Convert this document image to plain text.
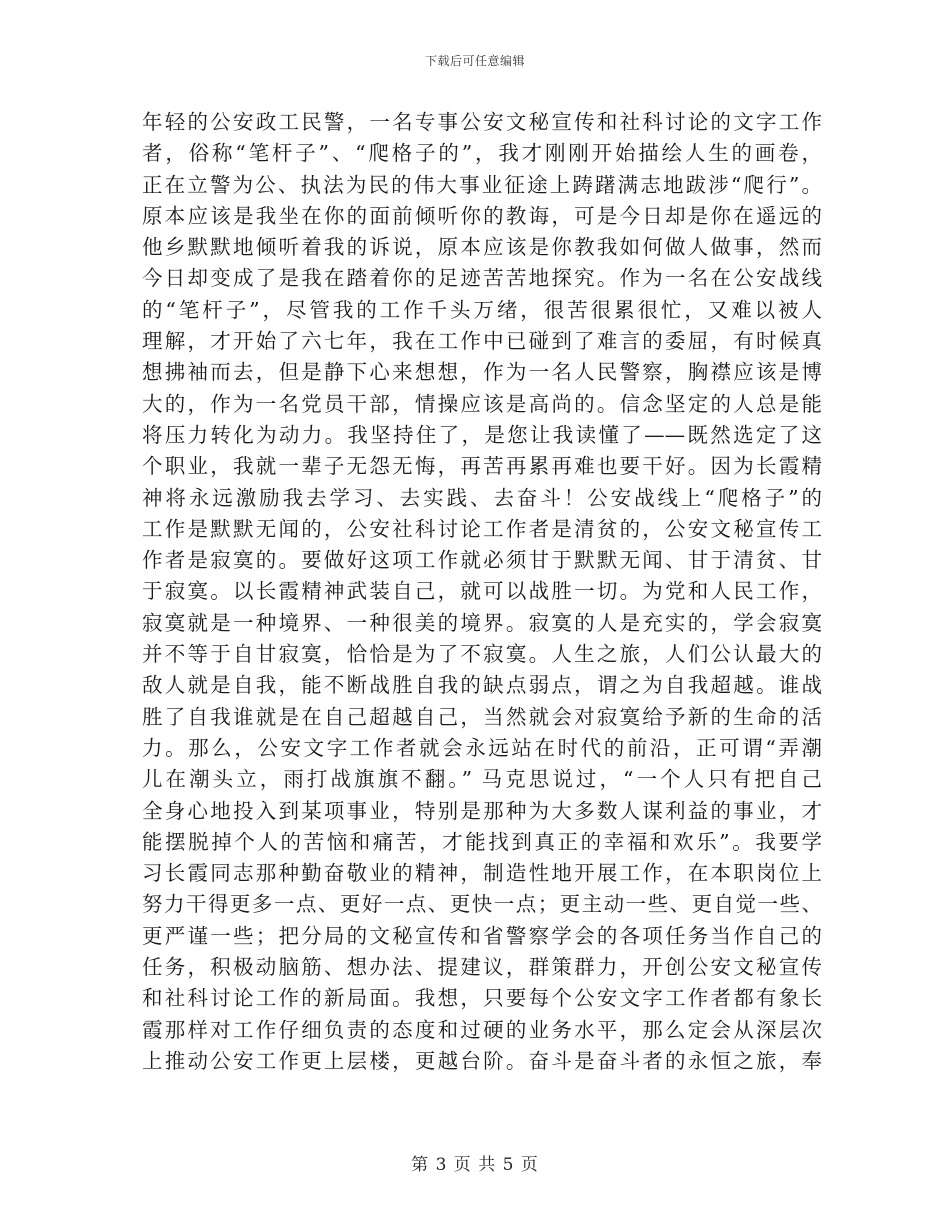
下载后可任意编辑
年轻的公安政工民警，一名专事公安文秘宣传和社科讨论的文字工作
者，俗称“笔杆子”、“爬格子的”，我才刚刚开始描绘人生的画卷，
正在立警为公、执法为民的伟大事业征途上踌躇满志地跋涉“爬行”。
原本应该是我坐在你的面前倾听你的教诲，可是今日却是你在遥远的
他乡默默地倾听着我的诉说，原本应该是你教我如何做人做事，然而
今日却变成了是我在踏着你的足迹苦苦地探究。作为一名在公安战线
的“笔杆子”，尽管我的工作千头万绪，很苦很累很忙，又难以被人
理解，才开始了六七年，我在工作中已碰到了难言的委屈，有时候真
想拂袖而去，但是静下心来想想，作为一名人民警察，胸襟应该是博
大的，作为一名党员干部，情操应该是高尚的。信念坚定的人总是能
将压力转化为动力。我坚持住了，是您让我读懂了——既然选定了这
个职业，我就一辈子无怨无悔，再苦再累再难也要干好。因为长霞精
神将永远激励我去学习、去实践、去奋斗！公安战线上“爬格子”的
工作是默默无闻的，公安社科讨论工作者是清贫的，公安文秘宣传工
作者是寂寞的。要做好这项工作就必须甘于默默无闻、甘于清贫、甘
于寂寞。以长霞精神武装自己，就可以战胜一切。为党和人民工作，
寂寞就是一种境界、一种很美的境界。寂寞的人是充实的，学会寂寞
并不等于自甘寂寞，恰恰是为了不寂寞。人生之旅，人们公认最大的
敌人就是自我，能不断战胜自我的缺点弱点，谓之为自我超越。谁战
胜了自我谁就是在自己超越自己，当然就会对寂寞给予新的生命的活
力。那么，公安文字工作者就会永远站在时代的前沿，正可谓“弄潮
儿在潮头立，雨打战旗旗不翻。” 马克思说过，“一个人只有把自己
全身心地投入到某项事业，特别是那种为大多数人谋利益的事业，才
能摆脱掉个人的苦恼和痛苦，才能找到真正的幸福和欢乐”。我要学
习长霞同志那种勤奋敬业的精神，制造性地开展工作，在本职岗位上
努力干得更多一点、更好一点、更快一点；更主动一些、更自觉一些、
更严谨一些；把分局的文秘宣传和省警察学会的各项任务当作自己的
任务，积极动脑筋、想办法、提建议，群策群力，开创公安文秘宣传
和社科讨论工作的新局面。我想，只要每个公安文字工作者都有象长
霞那样对工作仔细负责的态度和过硬的业务水平，那么定会从深层次
上推动公安工作更上层楼，更越台阶。奋斗是奋斗者的永恒之旅，奉
第 3 页 共 5 页
